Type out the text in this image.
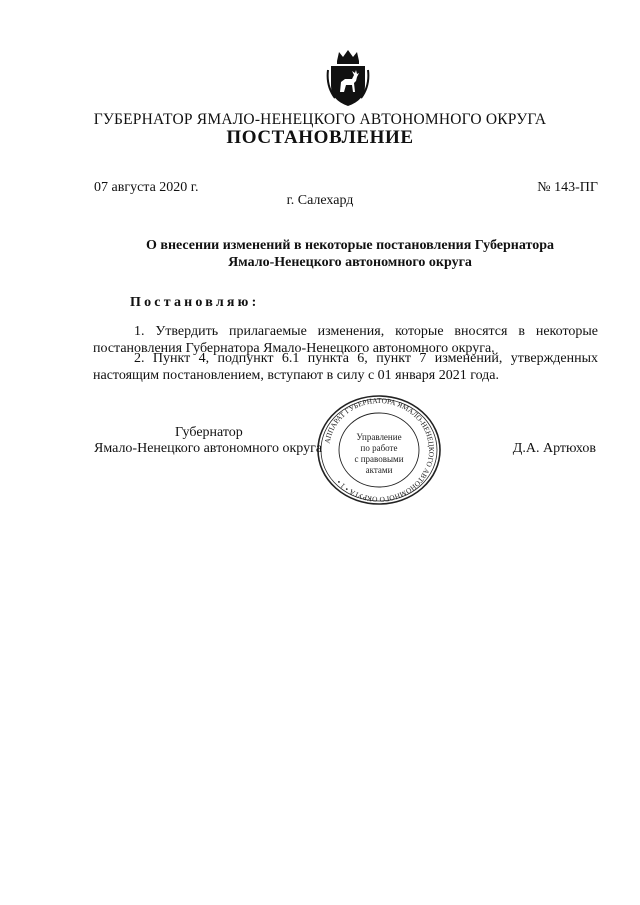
ГУБЕРНАТОР ЯМАЛО-НЕНЕЦКОГО АВТОНОМНОГО ОКРУГА
ПОСТАНОВЛЕНИЕ
07 августа 2020 г.	№ 143-ПГ
г. Салехард
О внесении изменений в некоторые постановления Губернатора
Ямало-Ненецкого автономного округа
Постановляю:
1. Утвердить прилагаемые изменения, которые вносятся в некоторые постановления Губернатора Ямало-Ненецкого автономного округа.
2. Пункт 4, подпункт 6.1 пункта 6, пункт 7 изменений, утвержденных настоящим постановлением, вступают в силу с 01 января 2021 года.
Губернатор
Ямало-Ненецкого автономного округа	Д.А. Артюхов
АППАРАТ ГУБЕРНАТОРА ЯМАЛО-НЕНЕЦКОГО АВТОНОМНОГО ОКРУГА • 1 •
Управление
по работе
с правовыми
актами
